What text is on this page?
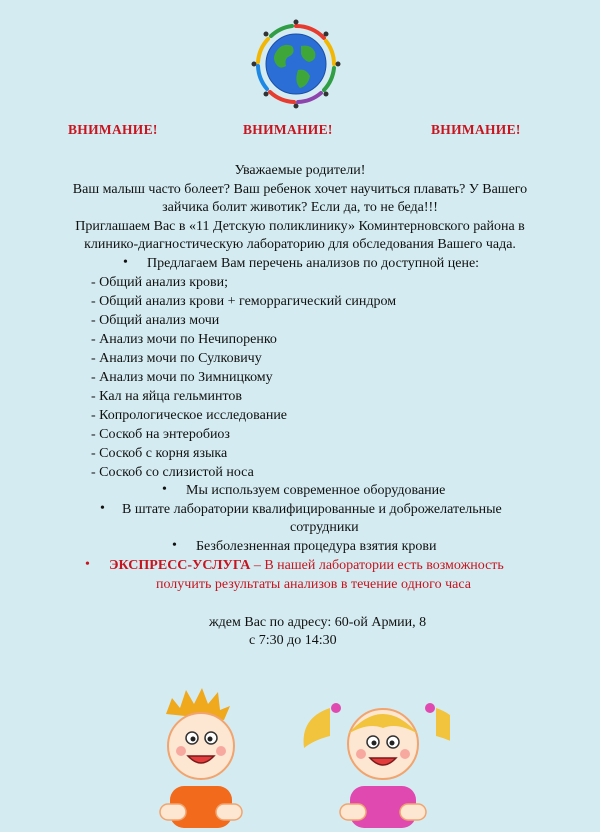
ВНИМАНИЕ!	ВНИМАНИЕ!	ВНИМАНИЕ!
Уважаемые родители!
Ваш малыш часто болеет? Ваш ребенок хочет научиться плавать? У Вашего
зайчика болит животик? Если да, то не беда!!!
Приглашаем Вас в «11 Детскую поликлинику» Коминтерновского района в
клинико-диагностическую лабораторию для обследования Вашего чада.
• Предлагаем Вам перечень анализов по доступной цене:
- Общий анализ крови;
- Общий анализ крови + геморрагический синдром
- Общий анализ мочи
- Анализ мочи по Нечипоренко
- Анализ мочи по Сулковичу
- Анализ мочи по Зимницкому
- Кал на яйца гельминтов
- Копрологическое исследование
- Соскоб на энтеробиоз
- Соскоб с корня языка
- Соскоб со слизистой носа
• Мы используем современное оборудование
• В штате лаборатории квалифицированные и доброжелательные
сотрудники
• Безболезненная процедура взятия крови
• ЭКСПРЕСС-УСЛУГА – В нашей лаборатории есть возможность
получить результаты анализов в течение одного часа
ждем Вас по адресу: 60-ой Армии, 8
с 7:30 до 14:30
